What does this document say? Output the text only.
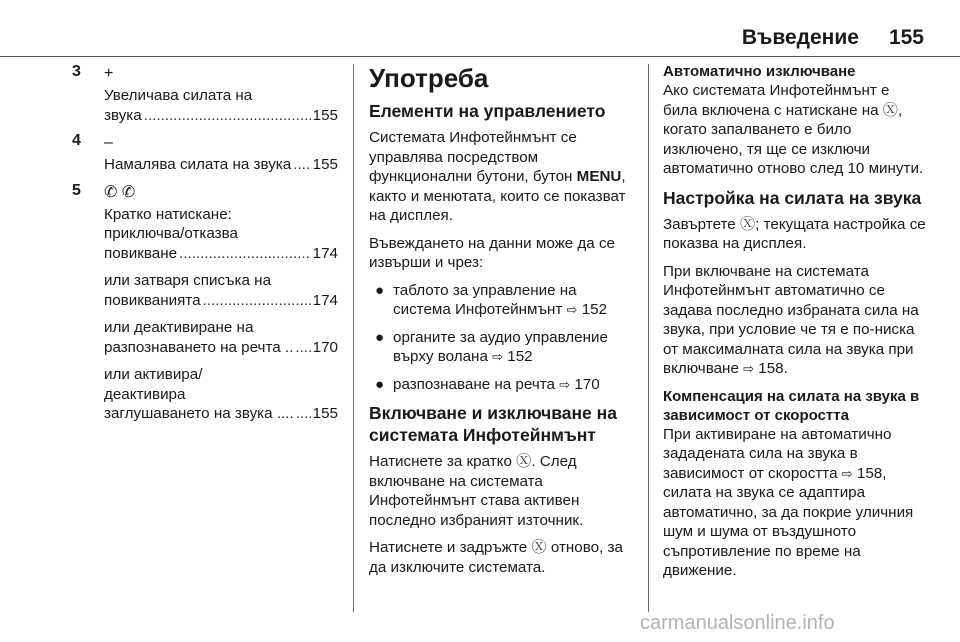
Въведение 155
3 +
Увеличава силата на
звука .....	155
4 –
Намалява силата на звука ..... 155
5 ✆ ✆
Кратко натискане:
приключва/отказва
повикване .....	174
или затваря списъка на
повикванията .....	174
или деактивиране на
разпознаването на речта .. ..... 170
или активира/
деактивира
заглушаването на звука .... ..... 155
Употреба
Елементи на управлението

Системата Инфотейнмънт се управлява посредством функционални бутони, бутон MENU, както и менютата, които се показват на дисплея.

Въвеждането на данни може да се извърши и чрез:

● таблото за управление на система Инфотейнмънт ⇨ 152
● органите за аудио управление върху волана ⇨ 152
● разпознаване на речта ⇨ 170
Включване и изключване на системата Инфотейнмънт

Натиснете за кратко Ⓧ. След включване на системата Инфотейнмънт става активен последно избраният източник.

Натиснете и задръжте Ⓧ отново, за да изключите системата.

Автоматично изключване

Ако системата Инфотейнмънт е била включена с натискане на Ⓧ, когато запалването е било изключено, тя ще се изключи автоматично отново след 10 минути.

Настройка на силата на звука

Завъртете Ⓧ; текущата настройка се показва на дисплея.

При включване на системата Инфотейнмънт автоматично се задава последно избраната сила на звука, при условие че тя е по-ниска от максималната сила на звука при включване ⇨ 158.

Компенсация на силата на звука в зависимост от скоростта

При активиране на автоматично зададената сила на звука в зависимост от скоростта ⇨ 158, силата на звука се адаптира автоматично, за да покрие уличния шум и шума от въздушното съпротивление по време на движение.

carmanualsonline.info
